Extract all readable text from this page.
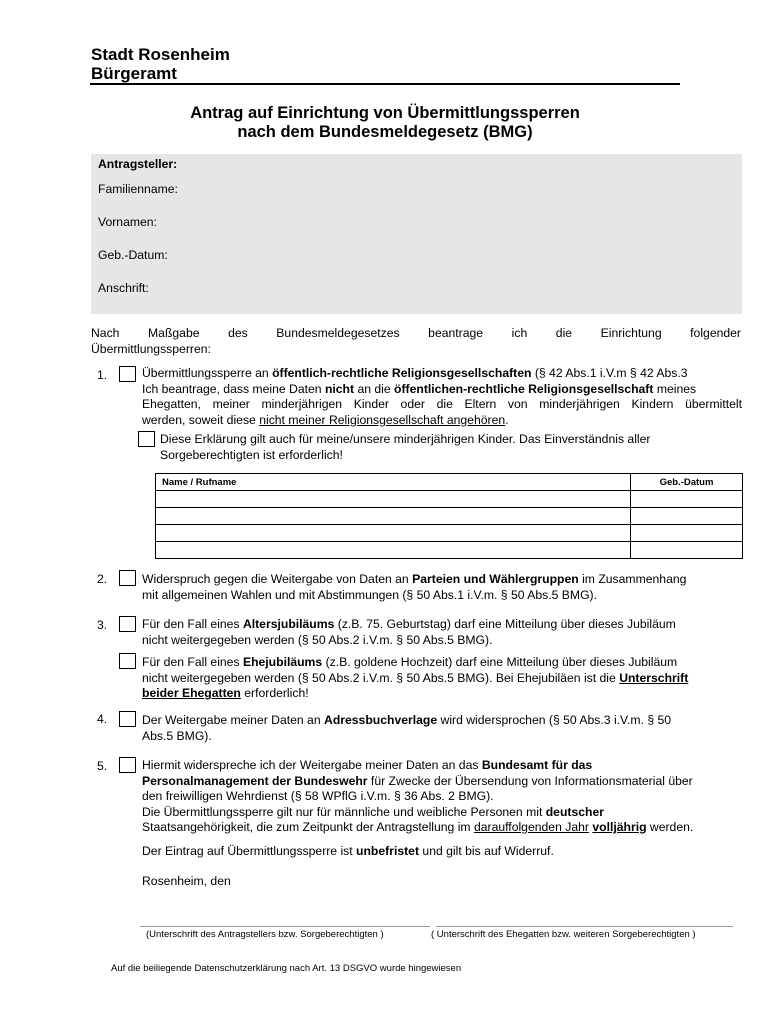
Stadt Rosenheim
Bürgeramt
Antrag auf Einrichtung von Übermittlungssperren
nach dem Bundesmeldegesetz (BMG)
Antragsteller:
Familienname:
Vornamen:
Geb.-Datum:
Anschrift:
Nach Maßgabe des Bundesmeldegesetzes beantrage ich die Einrichtung folgender
Übermittlungssperren:
1.	Übermittlungssperre an öffentlich-rechtliche Religionsgesellschaften (§ 42 Abs.1 i.V.m § 42 Abs.3
Ich beantrage, dass meine Daten nicht an die öffentlichen-rechtliche Religionsgesellschaft meines
Ehegatten, meiner minderjährigen Kinder oder die Eltern von minderjährigen Kindern übermittelt
werden, soweit diese nicht meiner Religionsgesellschaft angehören.
Diese Erklärung gilt auch für meine/unsere minderjährigen Kinder. Das Einverständnis aller
Sorgeberechtigten ist erforderlich!
Name / Rufname	Geb.-Datum

2.	Widerspruch gegen die Weitergabe von Daten an Parteien und Wählergruppen im Zusammenhang
mit allgemeinen Wahlen und mit Abstimmungen (§ 50 Abs.1 i.V.m. § 50 Abs.5 BMG).
3.	Für den Fall eines Altersjubiläums (z.B. 75. Geburtstag) darf eine Mitteilung über dieses Jubiläum
nicht weitergegeben werden (§ 50 Abs.2 i.V.m. § 50 Abs.5 BMG).
Für den Fall eines Ehejubiläums (z.B. goldene Hochzeit) darf eine Mitteilung über dieses Jubiläum
nicht weitergegeben werden (§ 50 Abs.2 i.V.m. § 50 Abs.5 BMG). Bei Ehejubiläen ist die Unterschrift
beider Ehegatten erforderlich!
4.	Der Weitergabe meiner Daten an Adressbuchverlage wird widersprochen (§ 50 Abs.3 i.V.m. § 50
Abs.5 BMG).
5.	Hiermit widerspreche ich der Weitergabe meiner Daten an das Bundesamt für das
Personalmanagement der Bundeswehr für Zwecke der Übersendung von Informationsmaterial über
den freiwilligen Wehrdienst (§ 58 WPflG i.V.m. § 36 Abs. 2 BMG).
Die Übermittlungssperre gilt nur für männliche und weibliche Personen mit deutscher
Staatsangehörigkeit, die zum Zeitpunkt der Antragstellung im darauffolgenden Jahr volljährig werden.
Der Eintrag auf Übermittlungssperre ist unbefristet und gilt bis auf Widerruf.
Rosenheim, den
(Unterschrift des Antragstellers bzw. Sorgeberechtigten )	( Unterschrift des Ehegatten bzw. weiteren Sorgeberechtigten )
Auf die beiliegende Datenschutzerklärung nach Art. 13 DSGVO wurde hingewiesen
